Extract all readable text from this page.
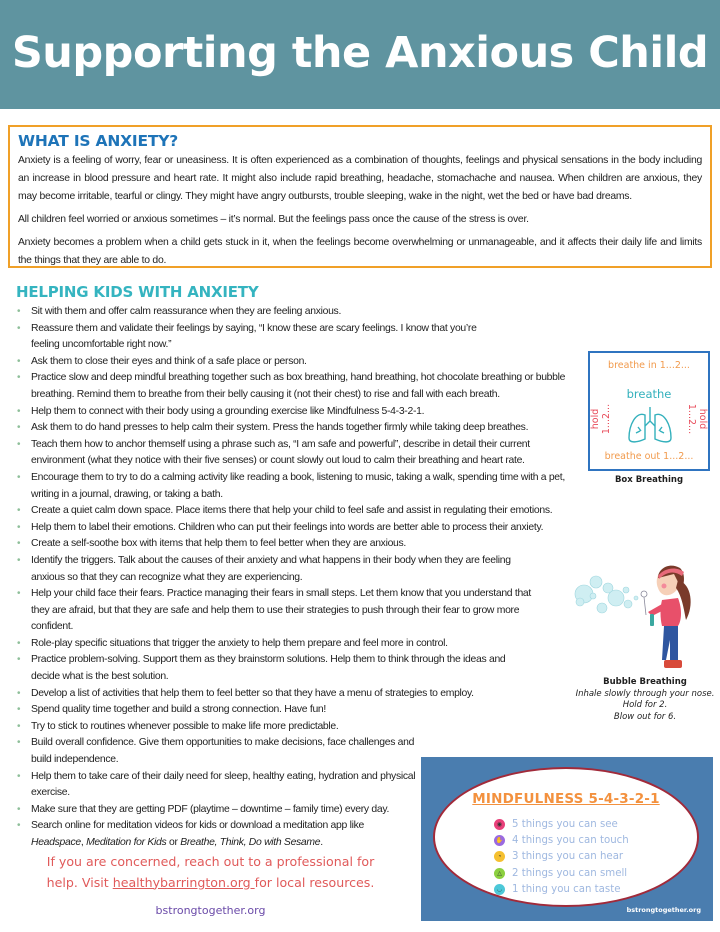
Supporting the Anxious Child
WHAT IS ANXIETY?

Anxiety is a feeling of worry, fear or uneasiness. It is often experienced as a combination of thoughts, feelings and physical sensations in the body including an increase in blood pressure and heart rate. It might also include rapid breathing, headache, stomachache and nausea. When children are anxious, they may become irritable, tearful or clingy. They might have angry outbursts, trouble sleeping, wake in the night, wet the bed or have bad dreams.

All children feel worried or anxious sometimes – it’s normal. But the feelings pass once the cause of the stress is over.

Anxiety becomes a problem when a child gets stuck in it, when the feelings become overwhelming or unmanageable, and it affects their daily life and limits the things that they are able to do.

HELPING KIDS WITH ANXIETY
• Sit with them and offer calm reassurance when they are feeling anxious.
• Reassure them and validate their feelings by saying, “I know these are scary feelings. I know that you’re feeling uncomfortable right now.”
• Ask them to close their eyes and think of a safe place or person.
• Practice slow and deep mindful breathing together such as box breathing, hand breathing, hot chocolate breathing or bubble breathing. Remind them to breathe from their belly causing it (not their chest) to rise and fall with each breath.
• Help them to connect with their body using a grounding exercise like Mindfulness 5-4-3-2-1.
• Ask them to do hand presses to help calm their system. Press the hands together firmly while taking deep breathes.
• Teach them how to anchor themself using a phrase such as, “I am safe and powerful”, describe in detail their current environment (what they notice with their five senses) or count slowly out loud to calm their breathing and heart rate.
• Encourage them to try to do a calming activity like reading a book, listening to music, taking a walk, spending time with a pet, writing in a journal, drawing, or taking a bath.
• Create a quiet calm down space. Place items there that help your child to feel safe and assist in regulating their emotions.
• Help them to label their emotions. Children who can put their feelings into words are better able to process their anxiety.
• Create a self-soothe box with items that help them to feel better when they are anxious.
• Identify the triggers. Talk about the causes of their anxiety and what happens in their body when they are feeling anxious so that they can recognize what they are experiencing.
• Help your child face their fears. Practice managing their fears in small steps. Let them know that you understand that they are afraid, but that they are safe and help them to use their strategies to push through their fear to grow more confident.
• Role-play specific situations that trigger the anxiety to help them prepare and feel more in control.
• Practice problem-solving. Support them as they brainstorm solutions. Help them to think through the ideas and decide what is the best solution.
• Develop a list of activities that help them to feel better so that they have a menu of strategies to employ.
• Spend quality time together and build a strong connection. Have fun!
• Try to stick to routines whenever possible to make life more predictable.
• Build overall confidence. Give them opportunities to make decisions, face challenges and build independence.
• Help them to take care of their daily need for sleep, healthy eating, hydration and physical exercise.
• Make sure that they are getting PDF (playtime – downtime – family time) every day.
• Search online for meditation videos for kids or download a meditation app like Headspace, Meditation for Kids or Breathe, Think, Do with Sesame.
breathe in 1...2...
hold 1...2...	hold 1...2...
breathe
breathe out 1...2...
Box Breathing
Bubble Breathing
Inhale slowly through your nose.
Hold for 2.
Blow out for 6.
MINDFULNESS 5-4-3-2-1
◉ 5 things you can see
✋ 4 things you can touch
◔	3 things you can hear
△ 2 things you can smell
◡ 1 thing you can taste
bstrongtogether.org
If you are concerned, reach out to a professional for
help. Visit healthybarrington.org for local resources.
bstrongtogether.org
